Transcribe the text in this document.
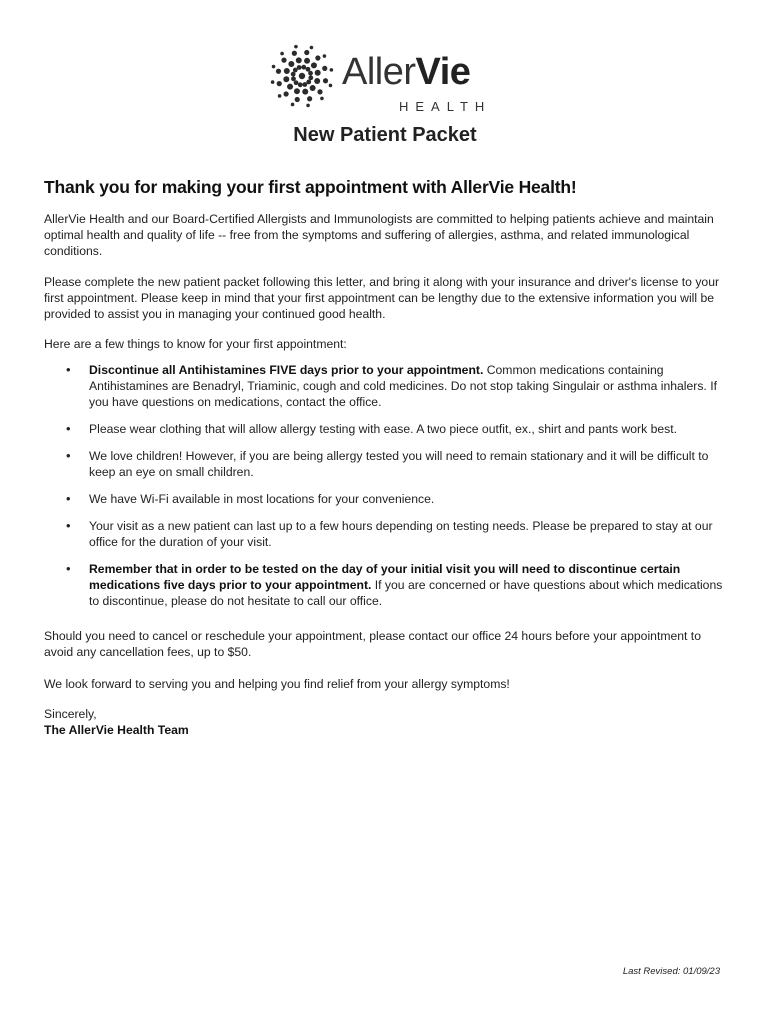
AllerVie
HEALTH
New Patient Packet
Thank you for making your first appointment with AllerVie Health!
AllerVie Health and our Board-Certified Allergists and Immunologists are committed to helping patients achieve and maintain optimal health and quality of life -- free from the symptoms and suffering of allergies, asthma, and related immunological conditions.
Please complete the new patient packet following this letter, and bring it along with your insurance and driver's license to your first appointment. Please keep in mind that your first appointment can be lengthy due to the extensive information you will be provided to assist you in managing your continued good health.
Here are a few things to know for your first appointment:
• Discontinue all Antihistamines FIVE days prior to your appointment. Common medications containing Antihistamines are Benadryl, Triaminic, cough and cold medicines. Do not stop taking Singulair or asthma inhalers. If you have questions on medications, contact the office.
• Please wear clothing that will allow allergy testing with ease. A two piece outfit, ex., shirt and pants work best.
• We love children! However, if you are being allergy tested you will need to remain stationary and it will be difficult to keep an eye on small children.
• We have Wi-Fi available in most locations for your convenience.
• Your visit as a new patient can last up to a few hours depending on testing needs. Please be prepared to stay at our office for the duration of your visit.
• Remember that in order to be tested on the day of your initial visit you will need to discontinue certain medications five days prior to your appointment. If you are concerned or have questions about which medications to discontinue, please do not hesitate to call our office.
Should you need to cancel or reschedule your appointment, please contact our office 24 hours before your appointment to avoid any cancellation fees, up to $50.
We look forward to serving you and helping you find relief from your allergy symptoms!
Sincerely,
The AllerVie Health Team
Last Revised: 01/09/23
